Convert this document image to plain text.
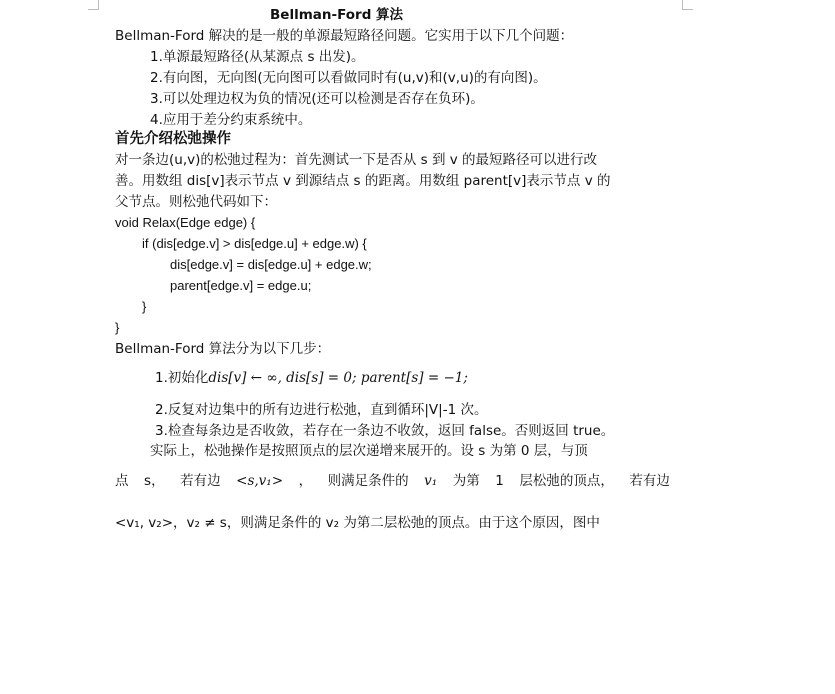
Bellman-Ford 算法
Bellman-Ford 解决的是一般的单源最短路径问题。它实用于以下几个问题：
1.单源最短路径(从某源点 s 出发)。
2.有向图，无向图(无向图可以看做同时有(u,v)和(v,u)的有向图)。
3.可以处理边权为负的情况(还可以检测是否存在负环)。
4.应用于差分约束系统中。
首先介绍松弛操作
对一条边(u,v)的松弛过程为：首先测试一下是否从 s 到 v 的最短路径可以进行改
善。用数组 dis[v]表示节点 v 到源结点 s 的距离。用数组 parent[v]表示节点 v 的
父节点。则松弛代码如下：
void Relax(Edge edge) {
if (dis[edge.v] > dis[edge.u] + edge.w) {
dis[edge.v] = dis[edge.u] + edge.w;
parent[edge.v] = edge.u;
}
}
Bellman-Ford 算法分为以下几步：
1.初始化dis[v] ← ∞, dis[s] = 0; parent[s] = −1;
2.反复对边集中的所有边进行松弛，直到循环|V|-1 次。
3.检查每条边是否收敛，若存在一条边不收敛，返回 false。否则返回 true。
实际上，松弛操作是按照顶点的层次递增来展开的。设 s 为第 0 层，与顶
点 s， 若有边 <s,v₁> ， 则满足条件的 v₁ 为第 1 层松弛的顶点， 若有边
<v₁, v₂>，v₂ ≠ s，则满足条件的 v₂ 为第二层松弛的顶点。由于这个原因，图中
